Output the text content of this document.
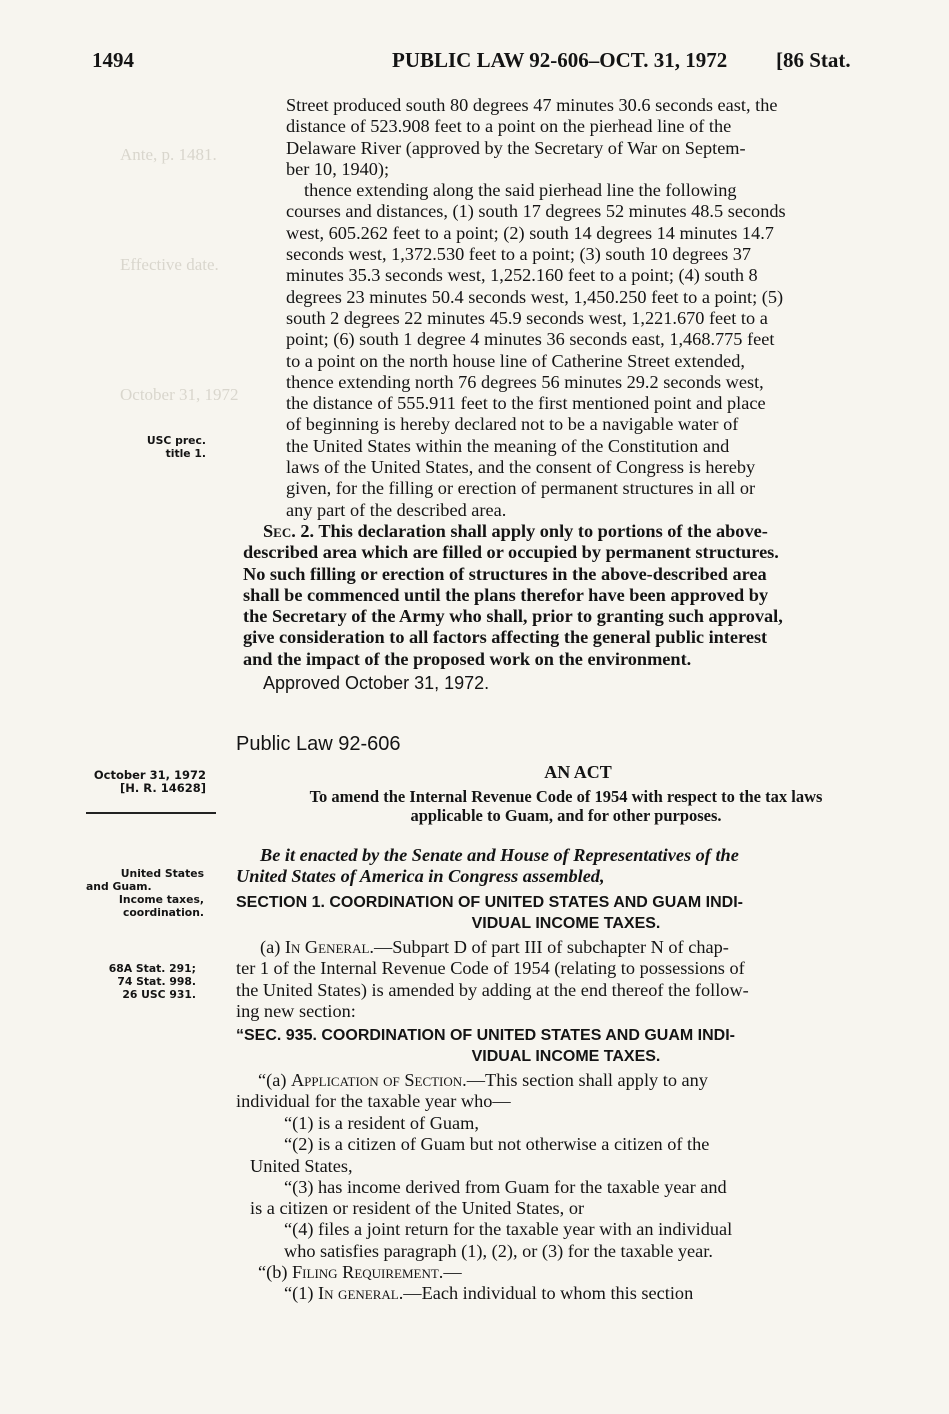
1494	PUBLIC LAW 92-606–OCT. 31, 1972 [86 Stat.
Ante, p. 1481.
Effective date.
October 31, 1972
USC prec.
title 1.

Street produced south 80 degrees 47 minutes 30.6 seconds east, the

distance of 523.908 feet to a point on the pierhead line of the

Delaware River (approved by the Secretary of War on Septem-

ber 10, 1940);

thence extending along the said pierhead line the following

courses and distances, (1) south 17 degrees 52 minutes 48.5 seconds

west, 605.262 feet to a point; (2) south 14 degrees 14 minutes 14.7

seconds west, 1,372.530 feet to a point; (3) south 10 degrees 37

minutes 35.3 seconds west, 1,252.160 feet to a point; (4) south 8

degrees 23 minutes 50.4 seconds west, 1,450.250 feet to a point; (5)

south 2 degrees 22 minutes 45.9 seconds west, 1,221.670 feet to a

point; (6) south 1 degree 4 minutes 36 seconds east, 1,468.775 feet

to a point on the north house line of Catherine Street extended,

thence extending north 76 degrees 56 minutes 29.2 seconds west,

the distance of 555.911 feet to the first mentioned point and place

of beginning is hereby declared not to be a navigable water of

the United States within the meaning of the Constitution and

laws of the United States, and the consent of Congress is hereby

given, for the filling or erection of permanent structures in all or

any part of the described area.

Sec. 2. This declaration shall apply only to portions of the above-

described area which are filled or occupied by permanent structures.

No such filling or erection of structures in the above-described area

shall be commenced until the plans therefor have been approved by

the Secretary of the Army who shall, prior to granting such approval,

give consideration to all factors affecting the general public interest

and the impact of the proposed work on the environment.

Approved October 31, 1972.
Public Law 92-606
October 31, 1972
[H. R. 14628]
AN ACT
To amend the Internal Revenue Code of 1954 with respect to the tax laws
applicable to Guam, and for other purposes.
United States
and Guam.
Income taxes,
coordination.
68A Stat. 291;
74 Stat. 998.
26 USC 931.

Be it enacted by the Senate and House of Representatives of the

United States of America in Congress assembled,

SECTION 1. COORDINATION OF UNITED STATES AND GUAM INDI-

VIDUAL INCOME TAXES.

(a) In General.—Subpart D of part III of subchapter N of chap-

ter 1 of the Internal Revenue Code of 1954 (relating to possessions of

the United States) is amended by adding at the end thereof the follow-

ing new section:

“SEC. 935. COORDINATION OF UNITED STATES AND GUAM INDI-

VIDUAL INCOME TAXES.

“(a) Application of Section.—This section shall apply to any

individual for the taxable year who—

“(1) is a resident of Guam,

“(2) is a citizen of Guam but not otherwise a citizen of the

United States,

“(3) has income derived from Guam for the taxable year and

is a citizen or resident of the United States, or

“(4) files a joint return for the taxable year with an individual

who satisfies paragraph (1), (2), or (3) for the taxable year.

“(b) Filing Requirement.—

“(1) In general.—Each individual to whom this section
